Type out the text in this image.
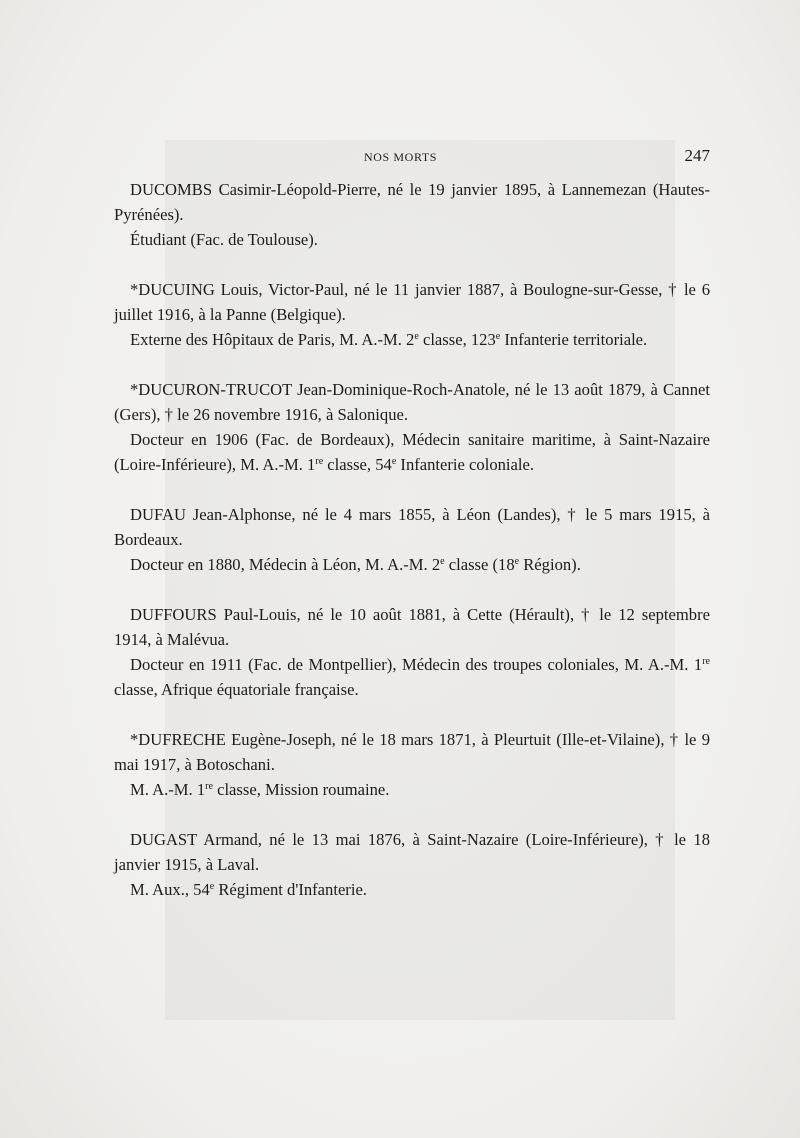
NOS MORTS	247

DUCOMBS Casimir-Léopold-Pierre, né le 19 janvier 1895, à Lannemezan (Hautes-Pyrénées).

Étudiant (Fac. de Toulouse).

*DUCUING Louis, Victor-Paul, né le 11 janvier 1887, à Boulogne-sur-Gesse, † le 6 juillet 1916, à la Panne (Belgique).

Externe des Hôpitaux de Paris, M. A.-M. 2e classe, 123e Infanterie territoriale.

*DUCURON-TRUCOT Jean-Dominique-Roch-Anatole, né le 13 août 1879, à Cannet (Gers), † le 26 novembre 1916, à Salonique.

Docteur en 1906 (Fac. de Bordeaux), Médecin sanitaire maritime, à Saint-Nazaire (Loire-Inférieure), M. A.-M. 1re classe, 54e Infanterie coloniale.

DUFAU Jean-Alphonse, né le 4 mars 1855, à Léon (Landes), † le 5 mars 1915, à Bordeaux.

Docteur en 1880, Médecin à Léon, M. A.-M. 2e classe (18e Région).

DUFFOURS Paul-Louis, né le 10 août 1881, à Cette (Hérault), † le 12 septembre 1914, à Malévua.

Docteur en 1911 (Fac. de Montpellier), Médecin des troupes coloniales, M. A.-M. 1re classe, Afrique équatoriale française.

*DUFRECHE Eugène-Joseph, né le 18 mars 1871, à Pleurtuit (Ille-et-Vilaine), † le 9 mai 1917, à Botoschani.

M. A.-M. 1re classe, Mission roumaine.

DUGAST Armand, né le 13 mai 1876, à Saint-Nazaire (Loire-Inférieure), † le 18 janvier 1915, à Laval.

M. Aux., 54e Régiment d'Infanterie.
